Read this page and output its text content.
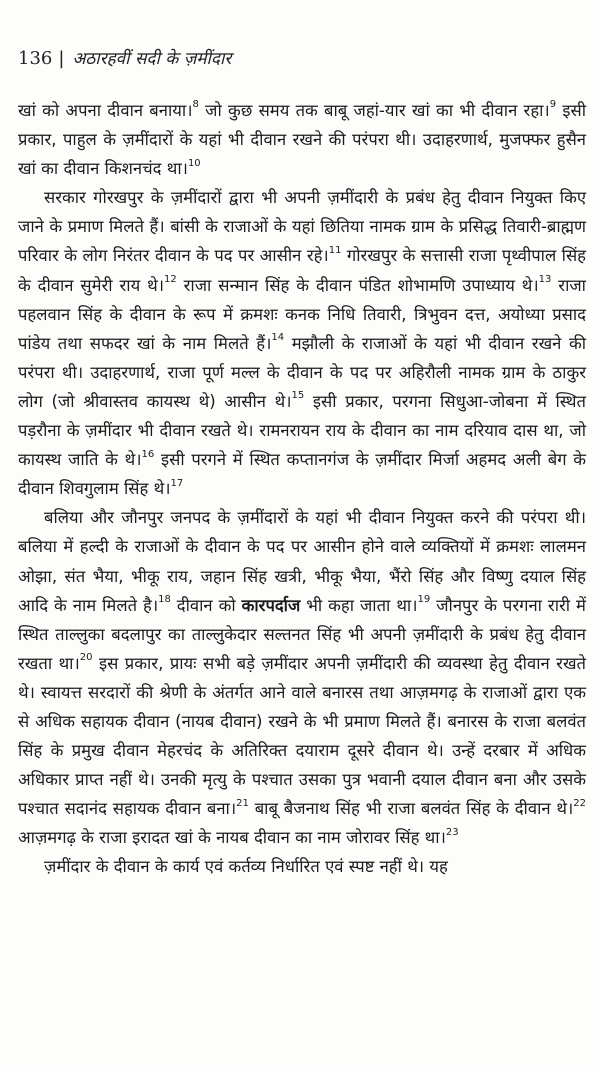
136 | अठारहवीं सदी के ज़मींदार

खां को अपना दीवान बनाया।$^8$ जो कुछ समय तक बाबू जहां-यार खां का भी दीवान रहा।$^9$ इसी प्रकार, पाहुल के ज़मींदारों के यहां भी दीवान रखने की परंपरा थी। उदाहरणार्थ, मुजफ्फर हुसैन खां का दीवान किशनचंद था।$^{10}$

सरकार गोरखपुर के ज़मींदारों द्वारा भी अपनी ज़मींदारी के प्रबंध हेतु दीवान नियुक्त किए जाने के प्रमाण मिलते हैं। बांसी के राजाओं के यहां छितिया नामक ग्राम के प्रसिद्ध तिवारी-ब्राह्मण परिवार के लोग निरंतर दीवान के पद पर आसीन रहे।$^{11}$ गोरखपुर के सत्तासी राजा पृथ्वीपाल सिंह के दीवान सुमेरी राय थे।$^{12}$ राजा सन्मान सिंह के दीवान पंडित शोभामणि उपाध्याय थे।$^{13}$ राजा पहलवान सिंह के दीवान के रूप में क्रमशः कनक निधि तिवारी, त्रिभुवन दत्त, अयोध्या प्रसाद पांडेय तथा सफदर खां के नाम मिलते हैं।$^{14}$ मझौली के राजाओं के यहां भी दीवान रखने की परंपरा थी। उदाहरणार्थ, राजा पूर्ण मल्ल के दीवान के पद पर अहिरौली नामक ग्राम के ठाकुर लोग (जो श्रीवास्तव कायस्थ थे) आसीन थे।$^{15}$ इसी प्रकार, परगना सिधुआ-जोबना में स्थित पड़रौना के ज़मींदार भी दीवान रखते थे। रामनरायन राय के दीवान का नाम दरियाव दास था, जो कायस्थ जाति के थे।$^{16}$ इसी परगने में स्थित कप्तानगंज के ज़मींदार मिर्जा अहमद अली बेग के दीवान शिवगुलाम सिंह थे।$^{17}$

बलिया और जौनपुर जनपद के ज़मींदारों के यहां भी दीवान नियुक्त करने की परंपरा थी। बलिया में हल्दी के राजाओं के दीवान के पद पर आसीन होने वाले व्यक्तियों में क्रमशः लालमन ओझा, संत भैया, भीकू राय, जहान सिंह खत्री, भीकू भैया, भैंरो सिंह और विष्णु दयाल सिंह आदि के नाम मिलते है।$^{18}$ दीवान को कारपर्दाज भी कहा जाता था।$^{19}$ जौनपुर के परगना रारी में स्थित ताल्लुका बदलापुर का ताल्लुकेदार सल्तनत सिंह भी अपनी ज़मींदारी के प्रबंध हेतु दीवान रखता था।$^{20}$ इस प्रकार, प्रायः सभी बड़े ज़मींदार अपनी ज़मींदारी की व्यवस्था हेतु दीवान रखते थे। स्वायत्त सरदारों की श्रेणी के अंतर्गत आने वाले बनारस तथा आज़मगढ़ के राजाओं द्वारा एक से अधिक सहायक दीवान (नायब दीवान) रखने के भी प्रमाण मिलते हैं। बनारस के राजा बलवंत सिंह के प्रमुख दीवान मेहरचंद के अतिरिक्त दयाराम दूसरे दीवान थे। उन्हें दरबार में अधिक अधिकार प्राप्त नहीं थे। उनकी मृत्यु के पश्चात उसका पुत्र भवानी दयाल दीवान बना और उसके पश्चात सदानंद सहायक दीवान बना।$^{21}$ बाबू बैजनाथ सिंह भी राजा बलवंत सिंह के दीवान थे।$^{22}$ आज़मगढ़ के राजा इरादत खां के नायब दीवान का नाम जोरावर सिंह था।$^{23}$

ज़मींदार के दीवान के कार्य एवं कर्तव्य निर्धारित एवं स्पष्ट नहीं थे। यह
